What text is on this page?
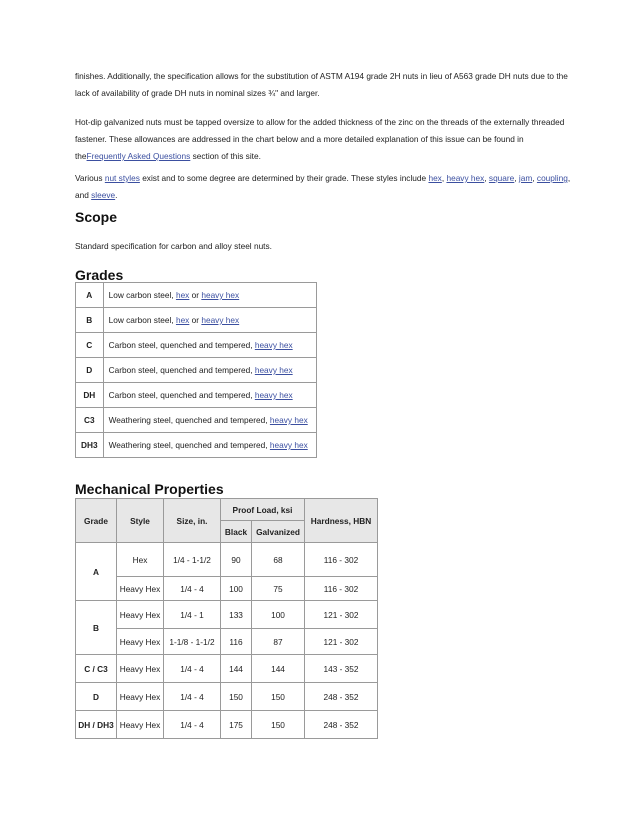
finishes. Additionally, the specification allows for the substitution of ASTM A194 grade 2H nuts in lieu of A563 grade DH nuts due to the lack of availability of grade DH nuts in nominal sizes ¾" and larger.

Hot-dip galvanized nuts must be tapped oversize to allow for the added thickness of the zinc on the threads of the externally threaded fastener. These allowances are addressed in the chart below and a more detailed explanation of this issue can be found in theFrequently Asked Questions section of this site.

Various nut styles exist and to some degree are determined by their grade. These styles include hex, heavy hex, square, jam, coupling, and sleeve.

Scope

Standard specification for carbon and alloy steel nuts.

Grades
A	Low carbon steel, hex or heavy hex
B	Low carbon steel, hex or heavy hex
C	Carbon steel, quenched and tempered, heavy hex
D	Carbon steel, quenched and tempered, heavy hex
DH	Carbon steel, quenched and tempered, heavy hex
C3	Weathering steel, quenched and tempered, heavy hex
DH3	Weathering steel, quenched and tempered, heavy hex
Mechanical Properties
Grade	Style	Size, in.	Proof Load, ksi		Hardness, HBN
			Black	Galvanized	
A	Hex	1/4 - 1-1/2	90	68	116 - 302
	Heavy Hex	1/4 - 4	100	75	116 - 302
B	Heavy Hex	1/4 - 1	133	100	121 - 302
	Heavy Hex	1-1/8 - 1-1/2	116	87	121 - 302
C / C3	Heavy Hex	1/4 - 4	144	144	143 - 352
D	Heavy Hex	1/4 - 4	150	150	248 - 352
DH / DH3	Heavy Hex	1/4 - 4	175	150	248 - 352
